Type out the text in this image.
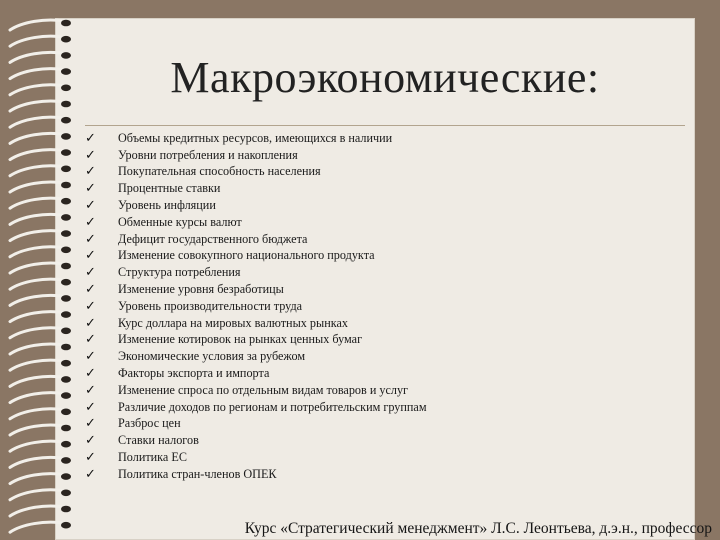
Макроэкономические:
✓	Объемы кредитных ресурсов, имеющихся в наличии
✓	Уровни потребления и накопления
✓	Покупательная способность населения
✓	Процентные ставки
✓	Уровень инфляции
✓	Обменные курсы валют
✓	Дефицит государственного бюджета
✓	Изменение совокупного национального продукта
✓	Структура потребления
✓	Изменение уровня безработицы
✓	Уровень производительности труда
✓	Курс доллара на мировых валютных рынках
✓	Изменение котировок на рынках ценных бумаг
✓	Экономические условия за рубежом
✓	Факторы экспорта и импорта
✓	Изменение спроса по отдельным видам товаров и услуг
✓	Различие доходов по регионам и потребительским группам
✓	Разброс цен
✓	Ставки налогов
✓	Политика ЕС
✓	Политика стран-членов ОПЕК
Курс «Стратегический менеджмент» Л.С. Леонтьева, д.э.н., профессор
